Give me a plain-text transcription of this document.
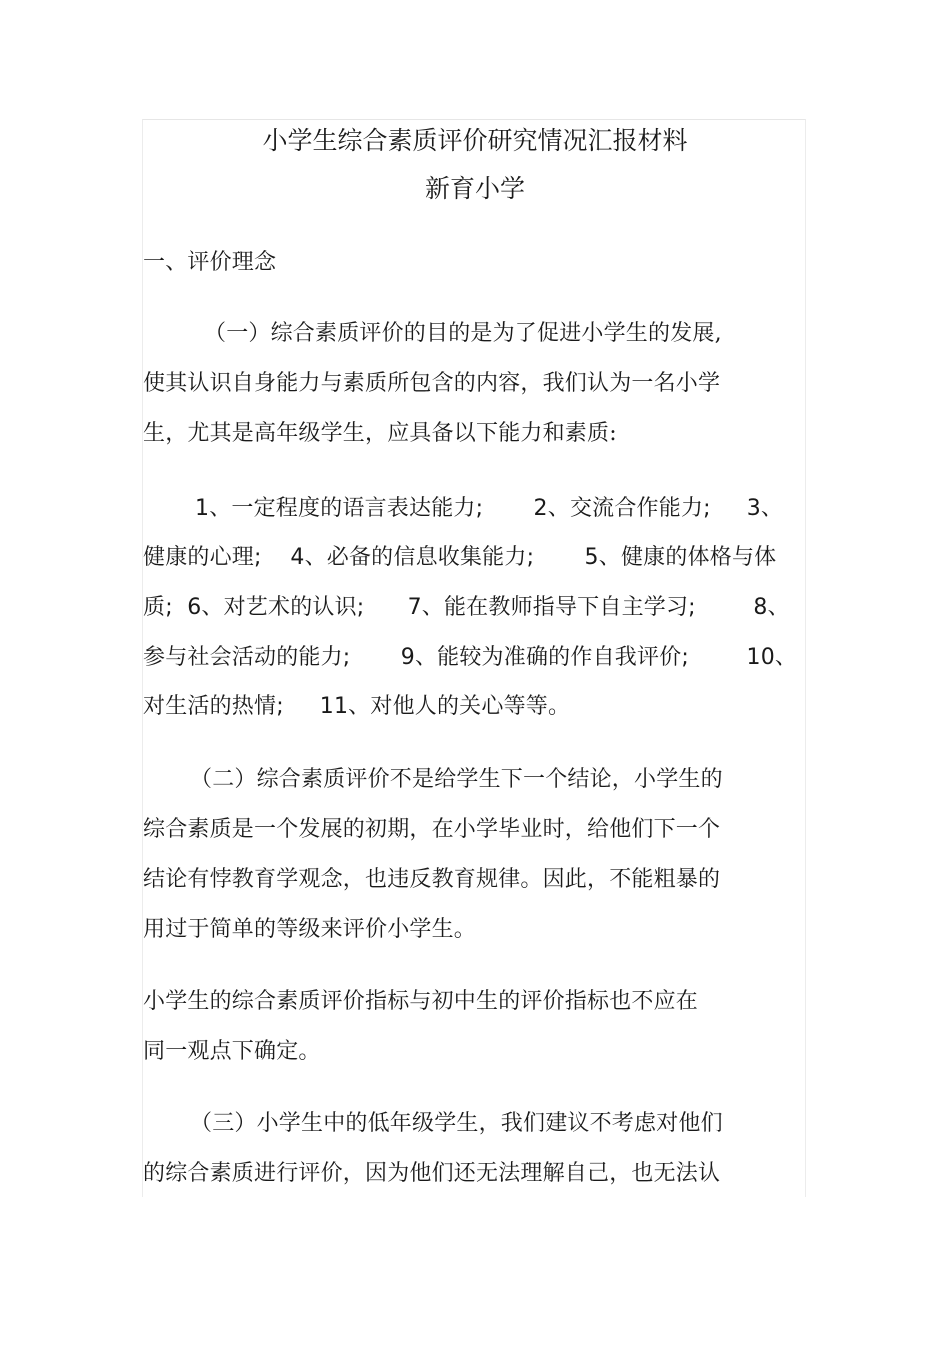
小学生综合素质评价研究情况汇报材料
新育小学
一、评价理念
（一）综合素质评价的目的是为了促进小学生的发展,
使其认识自身能力与素质所包含的内容，我们认为一名小学
生，尤其是高年级学生，应具备以下能力和素质:
1、一定程度的语言表达能力;       2、交流合作能力;     3、
健康的心理;    4、必备的信息收集能力;       5、健康的体格与体
质;  6、对艺术的认识;      7、能在教师指导下自主学习;        8、
参与社会活动的能力;       9、能较为准确的作自我评价;        10、
对生活的热情;     11、对他人的关心等等。
（二）综合素质评价不是给学生下一个结论，小学生的
综合素质是一个发展的初期，在小学毕业时，给他们下一个
结论有悖教育学观念，也违反教育规律。因此，不能粗暴的
用过于简单的等级来评价小学生。
小学生的综合素质评价指标与初中生的评价指标也不应在
同一观点下确定。
（三）小学生中的低年级学生，我们建议不考虑对他们
的综合素质进行评价，因为他们还无法理解自己，也无法认
